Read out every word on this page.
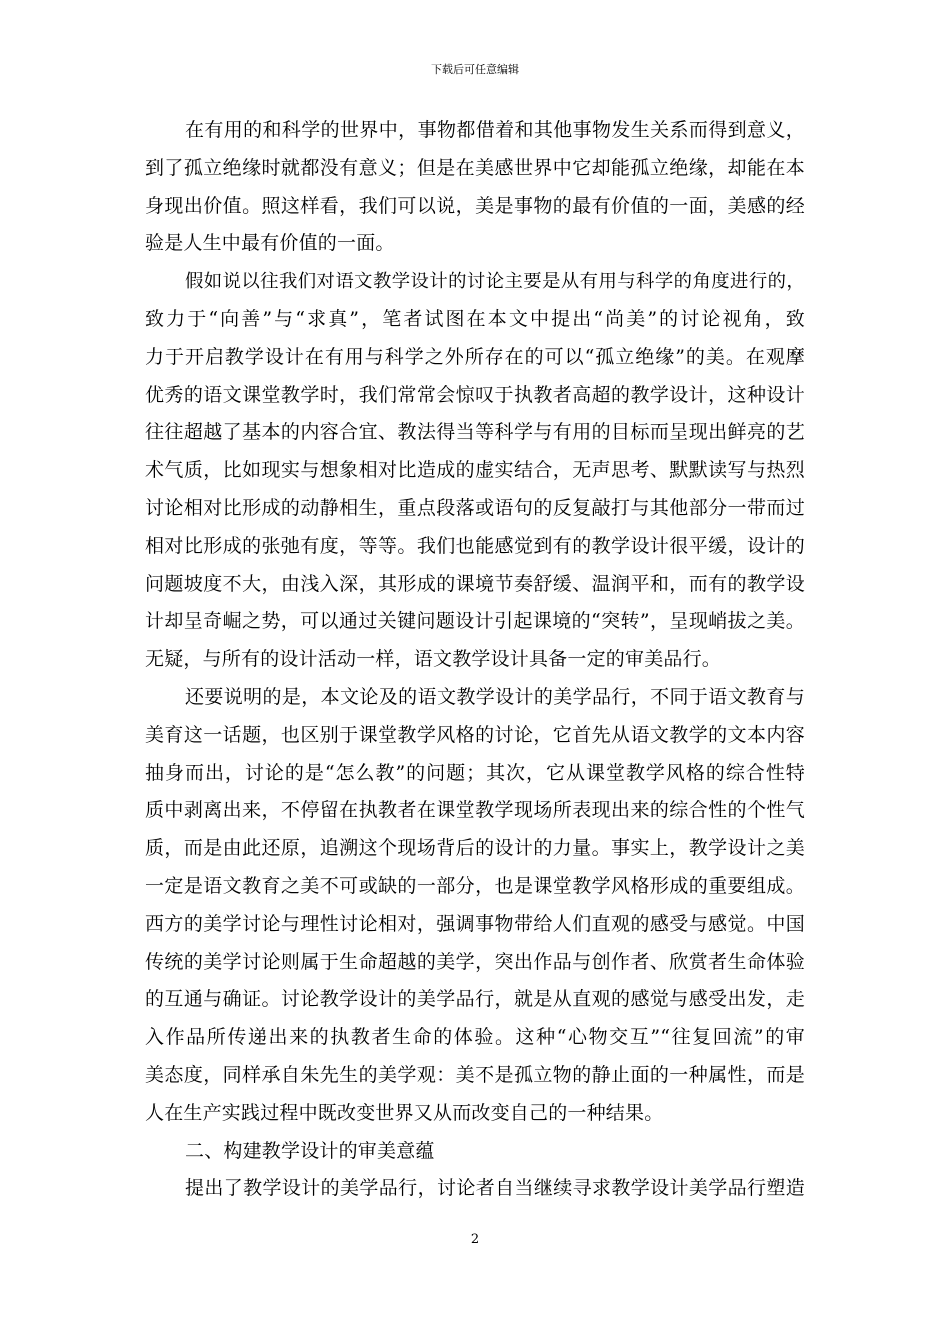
下载后可任意编辑
在有用的和科学的世界中，事物都借着和其他事物发生关系而得到意义，
到了孤立绝缘时就都没有意义；但是在美感世界中它却能孤立绝缘，却能在本
身现出价值。照这样看，我们可以说，美是事物的最有价值的一面，美感的经
验是人生中最有价值的一面。
假如说以往我们对语文教学设计的讨论主要是从有用与科学的角度进行的，
致力于“向善”与“求真”，笔者试图在本文中提出“尚美”的讨论视角，致
力于开启教学设计在有用与科学之外所存在的可以“孤立绝缘”的美。在观摩
优秀的语文课堂教学时，我们常常会惊叹于执教者高超的教学设计，这种设计
往往超越了基本的内容合宜、教法得当等科学与有用的目标而呈现出鲜亮的艺
术气质，比如现实与想象相对比造成的虚实结合，无声思考、默默读写与热烈
讨论相对比形成的动静相生，重点段落或语句的反复敲打与其他部分一带而过
相对比形成的张弛有度，等等。我们也能感觉到有的教学设计很平缓，设计的
问题坡度不大，由浅入深，其形成的课境节奏舒缓、温润平和，而有的教学设
计却呈奇崛之势，可以通过关键问题设计引起课境的“突转”，呈现峭拔之美。
无疑，与所有的设计活动一样，语文教学设计具备一定的审美品行。
还要说明的是，本文论及的语文教学设计的美学品行，不同于语文教育与
美育这一话题，也区别于课堂教学风格的讨论，它首先从语文教学的文本内容
抽身而出，讨论的是“怎么教”的问题；其次，它从课堂教学风格的综合性特
质中剥离出来，不停留在执教者在课堂教学现场所表现出来的综合性的个性气
质，而是由此还原，追溯这个现场背后的设计的力量。事实上，教学设计之美
一定是语文教育之美不可或缺的一部分，也是课堂教学风格形成的重要组成。
西方的美学讨论与理性讨论相对，强调事物带给人们直观的感受与感觉。中国
传统的美学讨论则属于生命超越的美学，突出作品与创作者、欣赏者生命体验
的互通与确证。讨论教学设计的美学品行，就是从直观的感觉与感受出发，走
入作品所传递出来的执教者生命的体验。这种“心物交互”“往复回流”的审
美态度，同样承自朱先生的美学观：美不是孤立物的静止面的一种属性，而是
人在生产实践过程中既改变世界又从而改变自己的一种结果。
二、构建教学设计的审美意蕴
提出了教学设计的美学品行，讨论者自当继续寻求教学设计美学品行塑造
2
